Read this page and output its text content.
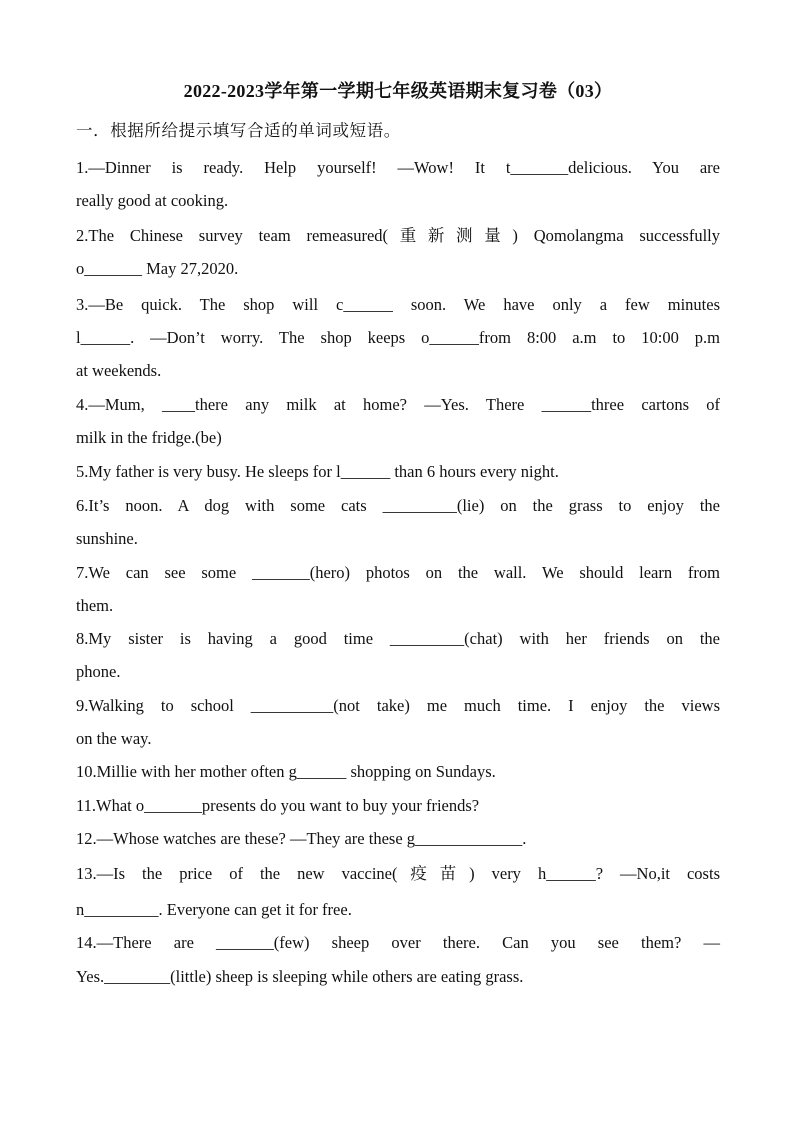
2022-2023学年第一学期七年级英语期末复习卷（03）
一．根据所给提示填写合适的单词或短语。
1.—Dinner is ready. Help yourself! —Wow! It t_______delicious. You are
really good at cooking.
2.The Chinese survey team remeasured(重新测量) Qomolangma successfully
o_______ May 27,2020.
3.—Be quick. The shop will c______ soon. We have only a few minutes
l______. —Don’t worry. The shop keeps o______from 8:00 a.m to 10:00 p.m
at weekends.
4.—Mum, ____there any milk at home? —Yes. There ______three cartons of
milk in the fridge.(be)
5.My father is very busy. He sleeps for l______ than 6 hours every night.
6.It’s noon. A dog with some cats _________(lie) on the grass to enjoy the
sunshine.
7.We can see some _______(hero) photos on the wall. We should learn from
them.
8.My sister is having a good time _________(chat) with her friends on the
phone.
9.Walking to school __________(not take) me much time. I enjoy the views
on the way.
10.Millie with her mother often g______ shopping on Sundays.
11.What o_______presents do you want to buy your friends?
12.—Whose watches are these? —They are these g_____________.
13.—Is the price of the new vaccine(疫苗) very h______? —No,it costs
n_________. Everyone can get it for free.
14.—There are _______(few) sheep over there. Can you see them? —
Yes.________(little) sheep is sleeping while others are eating grass.
